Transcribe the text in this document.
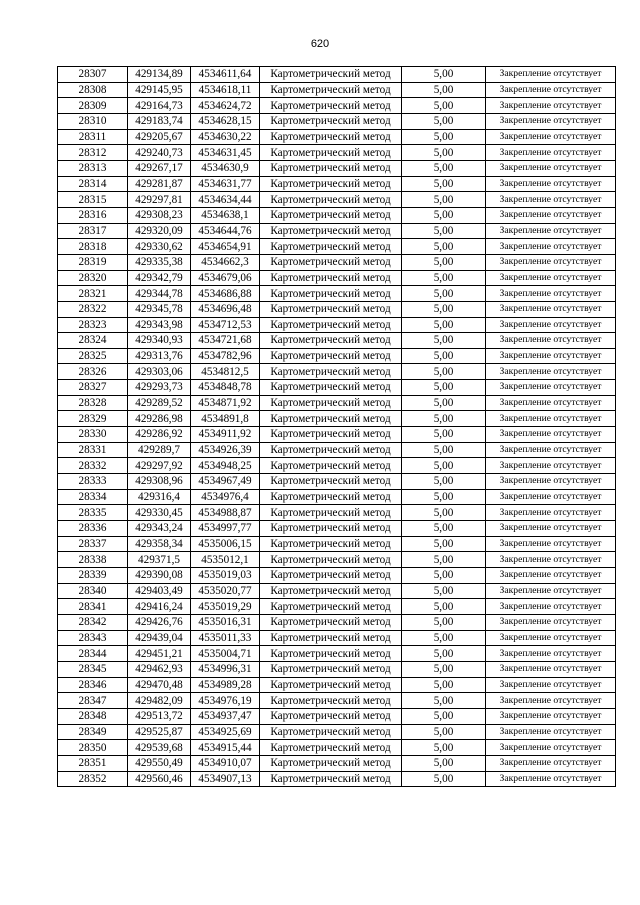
620
28307	429134,89	4534611,64	Картометрический метод	5,00	Закрепление отсутствует
28308	429145,95	4534618,11	Картометрический метод	5,00	Закрепление отсутствует
28309	429164,73	4534624,72	Картометрический метод	5,00	Закрепление отсутствует
28310	429183,74	4534628,15	Картометрический метод	5,00	Закрепление отсутствует
28311	429205,67	4534630,22	Картометрический метод	5,00	Закрепление отсутствует
28312	429240,73	4534631,45	Картометрический метод	5,00	Закрепление отсутствует
28313	429267,17	4534630,9	Картометрический метод	5,00	Закрепление отсутствует
28314	429281,87	4534631,77	Картометрический метод	5,00	Закрепление отсутствует
28315	429297,81	4534634,44	Картометрический метод	5,00	Закрепление отсутствует
28316	429308,23	4534638,1	Картометрический метод	5,00	Закрепление отсутствует
28317	429320,09	4534644,76	Картометрический метод	5,00	Закрепление отсутствует
28318	429330,62	4534654,91	Картометрический метод	5,00	Закрепление отсутствует
28319	429335,38	4534662,3	Картометрический метод	5,00	Закрепление отсутствует
28320	429342,79	4534679,06	Картометрический метод	5,00	Закрепление отсутствует
28321	429344,78	4534686,88	Картометрический метод	5,00	Закрепление отсутствует
28322	429345,78	4534696,48	Картометрический метод	5,00	Закрепление отсутствует
28323	429343,98	4534712,53	Картометрический метод	5,00	Закрепление отсутствует
28324	429340,93	4534721,68	Картометрический метод	5,00	Закрепление отсутствует
28325	429313,76	4534782,96	Картометрический метод	5,00	Закрепление отсутствует
28326	429303,06	4534812,5	Картометрический метод	5,00	Закрепление отсутствует
28327	429293,73	4534848,78	Картометрический метод	5,00	Закрепление отсутствует
28328	429289,52	4534871,92	Картометрический метод	5,00	Закрепление отсутствует
28329	429286,98	4534891,8	Картометрический метод	5,00	Закрепление отсутствует
28330	429286,92	4534911,92	Картометрический метод	5,00	Закрепление отсутствует
28331	429289,7	4534926,39	Картометрический метод	5,00	Закрепление отсутствует
28332	429297,92	4534948,25	Картометрический метод	5,00	Закрепление отсутствует
28333	429308,96	4534967,49	Картометрический метод	5,00	Закрепление отсутствует
28334	429316,4	4534976,4	Картометрический метод	5,00	Закрепление отсутствует
28335	429330,45	4534988,87	Картометрический метод	5,00	Закрепление отсутствует
28336	429343,24	4534997,77	Картометрический метод	5,00	Закрепление отсутствует
28337	429358,34	4535006,15	Картометрический метод	5,00	Закрепление отсутствует
28338	429371,5	4535012,1	Картометрический метод	5,00	Закрепление отсутствует
28339	429390,08	4535019,03	Картометрический метод	5,00	Закрепление отсутствует
28340	429403,49	4535020,77	Картометрический метод	5,00	Закрепление отсутствует
28341	429416,24	4535019,29	Картометрический метод	5,00	Закрепление отсутствует
28342	429426,76	4535016,31	Картометрический метод	5,00	Закрепление отсутствует
28343	429439,04	4535011,33	Картометрический метод	5,00	Закрепление отсутствует
28344	429451,21	4535004,71	Картометрический метод	5,00	Закрепление отсутствует
28345	429462,93	4534996,31	Картометрический метод	5,00	Закрепление отсутствует
28346	429470,48	4534989,28	Картометрический метод	5,00	Закрепление отсутствует
28347	429482,09	4534976,19	Картометрический метод	5,00	Закрепление отсутствует
28348	429513,72	4534937,47	Картометрический метод	5,00	Закрепление отсутствует
28349	429525,87	4534925,69	Картометрический метод	5,00	Закрепление отсутствует
28350	429539,68	4534915,44	Картометрический метод	5,00	Закрепление отсутствует
28351	429550,49	4534910,07	Картометрический метод	5,00	Закрепление отсутствует
28352	429560,46	4534907,13	Картометрический метод	5,00	Закрепление отсутствует
